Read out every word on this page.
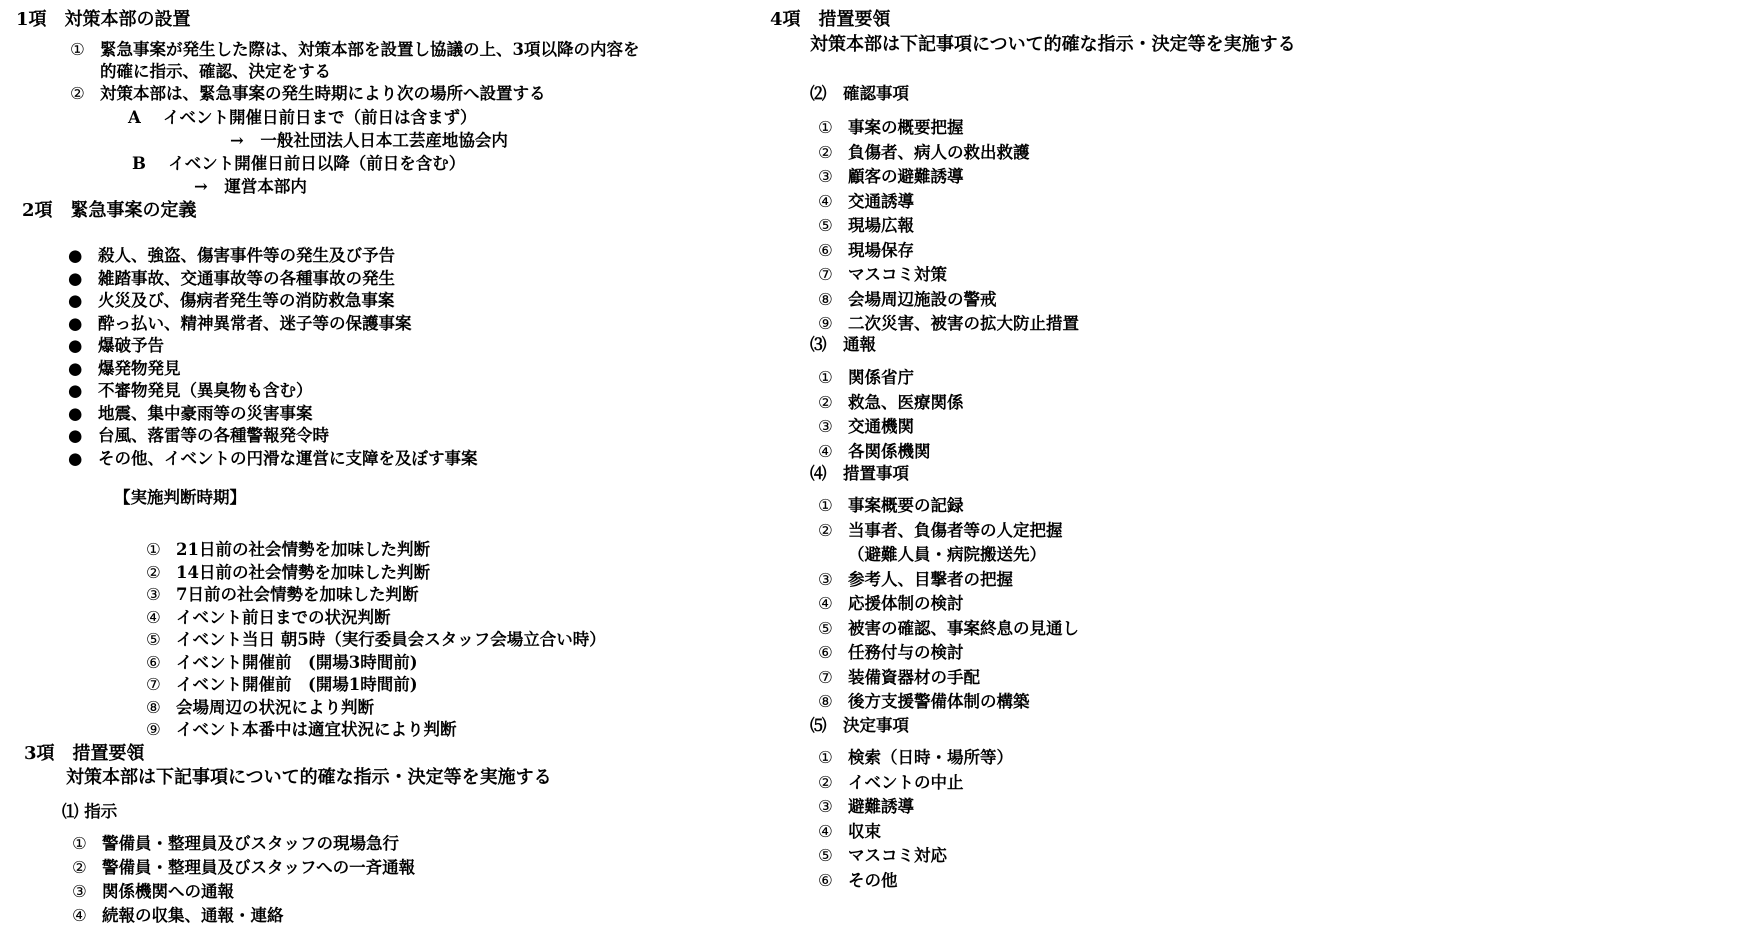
1項　対策本部の設置
① 緊急事案が発生した際は、対策本部を設置し協議の上、3項以降の内容を
的確に指示、確認、決定をする
② 対策本部は、緊急事案の発生時期により次の場所へ設置する
A　 イベント開催日前日まで（前日は含まず）
→　一般社団法人日本工芸産地協会内
B　 イベント開催日前日以降（前日を含む）
→　運営本部内
2項　緊急事案の定義
● 殺人、強盗、傷害事件等の発生及び予告
● 雑踏事故、交通事故等の各種事故の発生
● 火災及び、傷病者発生等の消防救急事案
● 酔っ払い、精神異常者、迷子等の保護事案
● 爆破予告
● 爆発物発見
● 不審物発見（異臭物も含む）
● 地震、集中豪雨等の災害事案
● 台風、落雷等の各種警報発令時
● その他、イベントの円滑な運営に支障を及ぼす事案
【実施判断時期】
① 21日前の社会情勢を加味した判断
② 14日前の社会情勢を加味した判断
③ 7日前の社会情勢を加味した判断
④ イベント前日までの状況判断
⑤ イベント当日 朝5時（実行委員会スタッフ会場立合い時）
⑥ イベント開催前　(開場3時間前)
⑦ イベント開催前　(開場1時間前)
⑧ 会場周辺の状況により判断
⑨ イベント本番中は適宜状況により判断
3項　措置要領
対策本部は下記事項について的確な指示・決定等を実施する
⑴ 指示
① 警備員・整理員及びスタッフの現場急行
② 警備員・整理員及びスタッフへの一斉通報
③ 関係機関への通報
④ 続報の収集、通報・連絡
4項　措置要領
対策本部は下記事項について的確な指示・決定等を実施する
⑵　確認事項
① 事案の概要把握
② 負傷者、病人の救出救護
③ 顧客の避難誘導
④ 交通誘導
⑤ 現場広報
⑥ 現場保存
⑦ マスコミ対策
⑧ 会場周辺施設の警戒
⑨ 二次災害、被害の拡大防止措置
⑶　通報
① 関係省庁
② 救急、医療関係
③ 交通機関
④ 各関係機関
⑷　措置事項
① 事案概要の記録
② 当事者、負傷者等の人定把握
（避難人員・病院搬送先）
③ 参考人、目撃者の把握
④ 応援体制の検討
⑤ 被害の確認、事案終息の見通し
⑥ 任務付与の検討
⑦ 装備資器材の手配
⑧ 後方支援警備体制の構築
⑸　決定事項
① 検索（日時・場所等）
② イベントの中止
③ 避難誘導
④ 収束
⑤ マスコミ対応
⑥ その他
